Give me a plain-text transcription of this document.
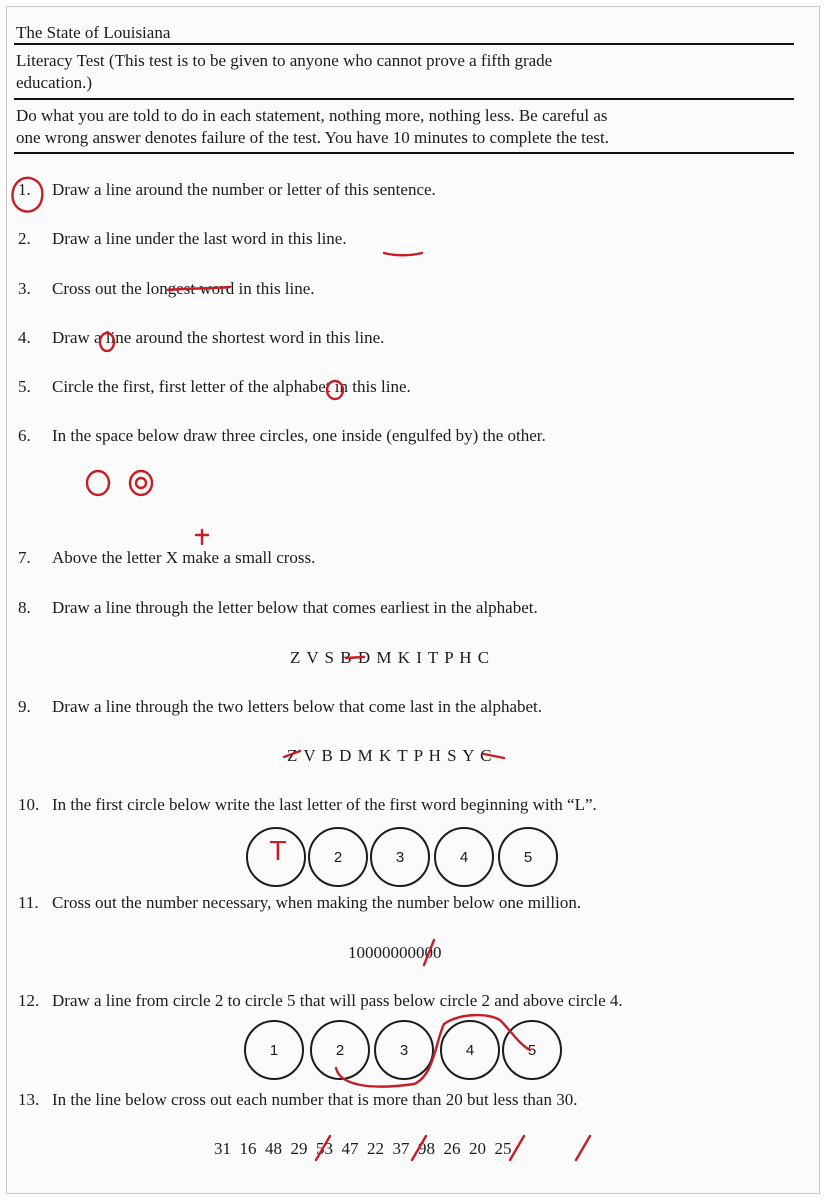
The State of Louisiana
Literacy Test (This test is to be given to anyone who cannot prove a fifth grade
education.)
Do what you are told to do in each statement, nothing more, nothing less. Be careful as
one wrong answer denotes failure of the test. You have 10 minutes to complete the test.
1. Draw a line around the number or letter of this sentence.
2. Draw a line under the last word in this line.
3. Cross out the longest word in this line.
4. Draw a line around the shortest word in this line.
5. Circle the first, first letter of the alphabet in this line.
6. In the space below draw three circles, one inside (engulfed by) the other.
7. Above the letter X make a small cross.
8. Draw a line through the letter below that comes earliest in the alphabet.
Z V S B D M K I T P H C
9. Draw a line through the two letters below that come last in the alphabet.
Z V B D M K T P H S Y C
10. In the first circle below write the last letter of the first word beginning with “L”.
2	3	4	5
T
11. Cross out the number necessary, when making the number below one million.
10000000000
12. Draw a line from circle 2 to circle 5 that will pass below circle 2 and above circle 4.
1	2	3	4	5
13. In the line below cross out each number that is more than 20 but less than 30.
31  16  48  29  53  47  22  37  98  26  20  25
